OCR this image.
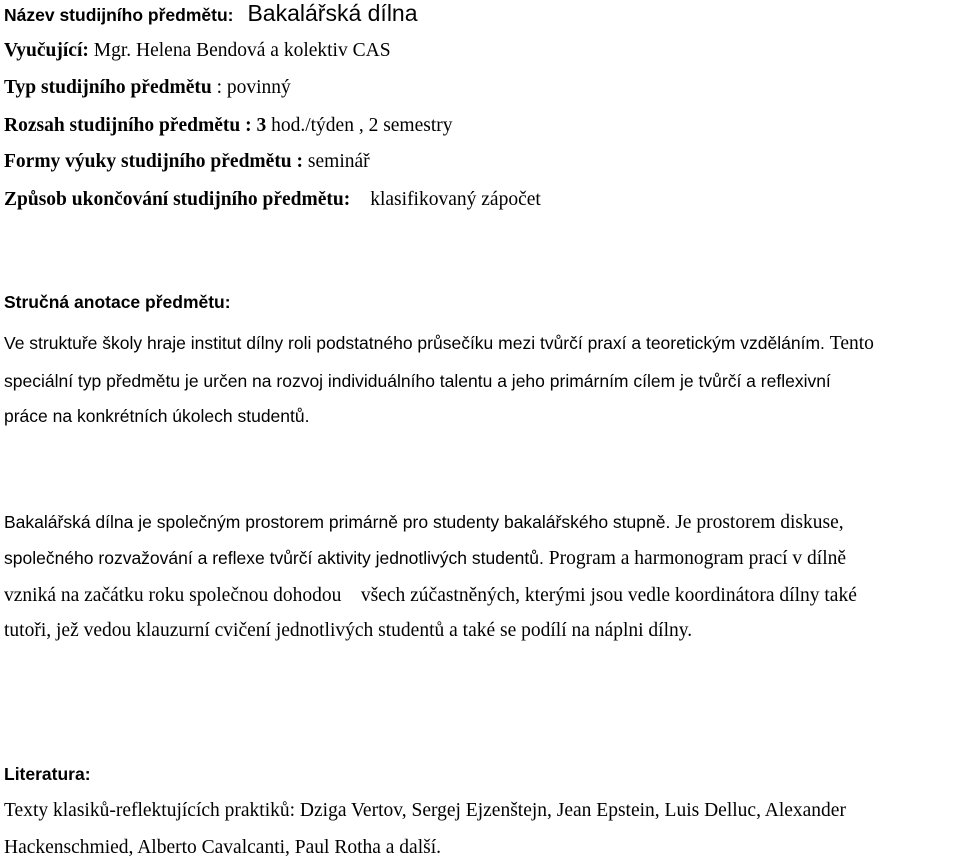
Název studijního předmětu: Bakalářská dílna
Vyučující: Mgr. Helena Bendová a kolektiv CAS
Typ studijního předmětu : povinný
Rozsah studijního předmětu : 3 hod./týden , 2 semestry
Formy výuky studijního předmětu : seminář
Způsob ukončování studijního předmětu: klasifikovaný zápočet
Stručná anotace předmětu:
Ve struktuře školy hraje institut dílny roli podstatného průsečíku mezi tvůrčí praxí a teoretickým vzděláním. Tento
speciální typ předmětu je určen na rozvoj individuálního talentu a jeho primárním cílem je tvůrčí a reflexivní
práce na konkrétních úkolech studentů.
Bakalářská dílna je společným prostorem primárně pro studenty bakalářského stupně. Je prostorem diskuse,
společného rozvažování a reflexe tvůrčí aktivity jednotlivých studentů. Program a harmonogram prací v dílně
vzniká na začátku roku společnou dohodou    všech zúčastněných, kterými jsou vedle koordinátora dílny také
tutoři, jež vedou klauzurní cvičení jednotlivých studentů a také se podílí na náplni dílny.
Literatura:
Texty klasiků-reflektujících praktiků: Dziga Vertov, Sergej Ejzenštejn, Jean Epstein, Luis Delluc, Alexander
Hackenschmied, Alberto Cavalcanti, Paul Rotha a další.
